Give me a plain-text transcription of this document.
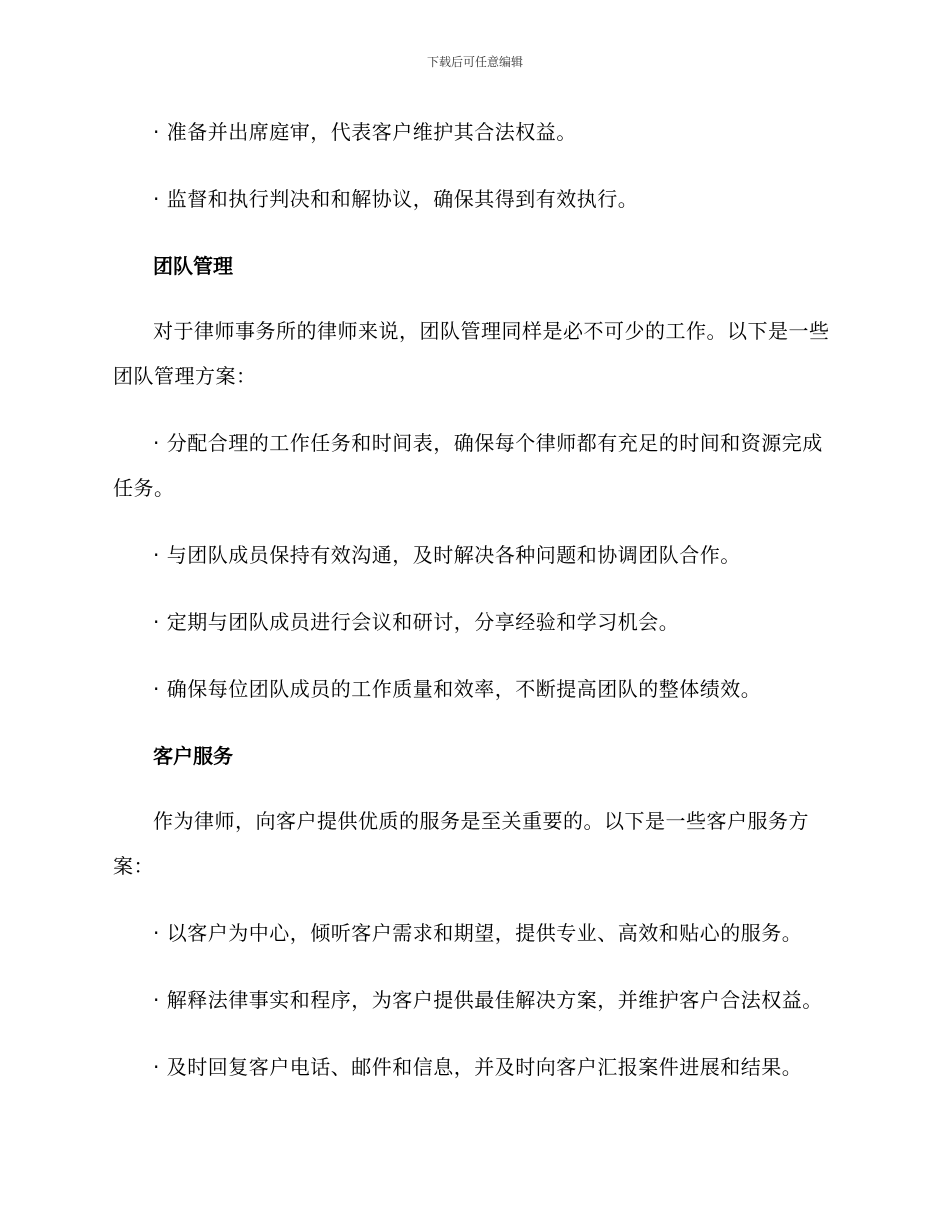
下载后可任意编辑

· 准备并出席庭审，代表客户维护其合法权益。

· 监督和执行判决和和解协议，确保其得到有效执行。

团队管理

对于律师事务所的律师来说，团队管理同样是必不可少的工作。以下是一些团队管理方案：

· 分配合理的工作任务和时间表，确保每个律师都有充足的时间和资源完成任务。

· 与团队成员保持有效沟通，及时解决各种问题和协调团队合作。

· 定期与团队成员进行会议和研讨，分享经验和学习机会。

· 确保每位团队成员的工作质量和效率，不断提高团队的整体绩效。

客户服务

作为律师，向客户提供优质的服务是至关重要的。以下是一些客户服务方案：

· 以客户为中心，倾听客户需求和期望，提供专业、高效和贴心的服务。

· 解释法律事实和程序，为客户提供最佳解决方案，并维护客户合法权益。

· 及时回复客户电话、邮件和信息，并及时向客户汇报案件进展和结果。
